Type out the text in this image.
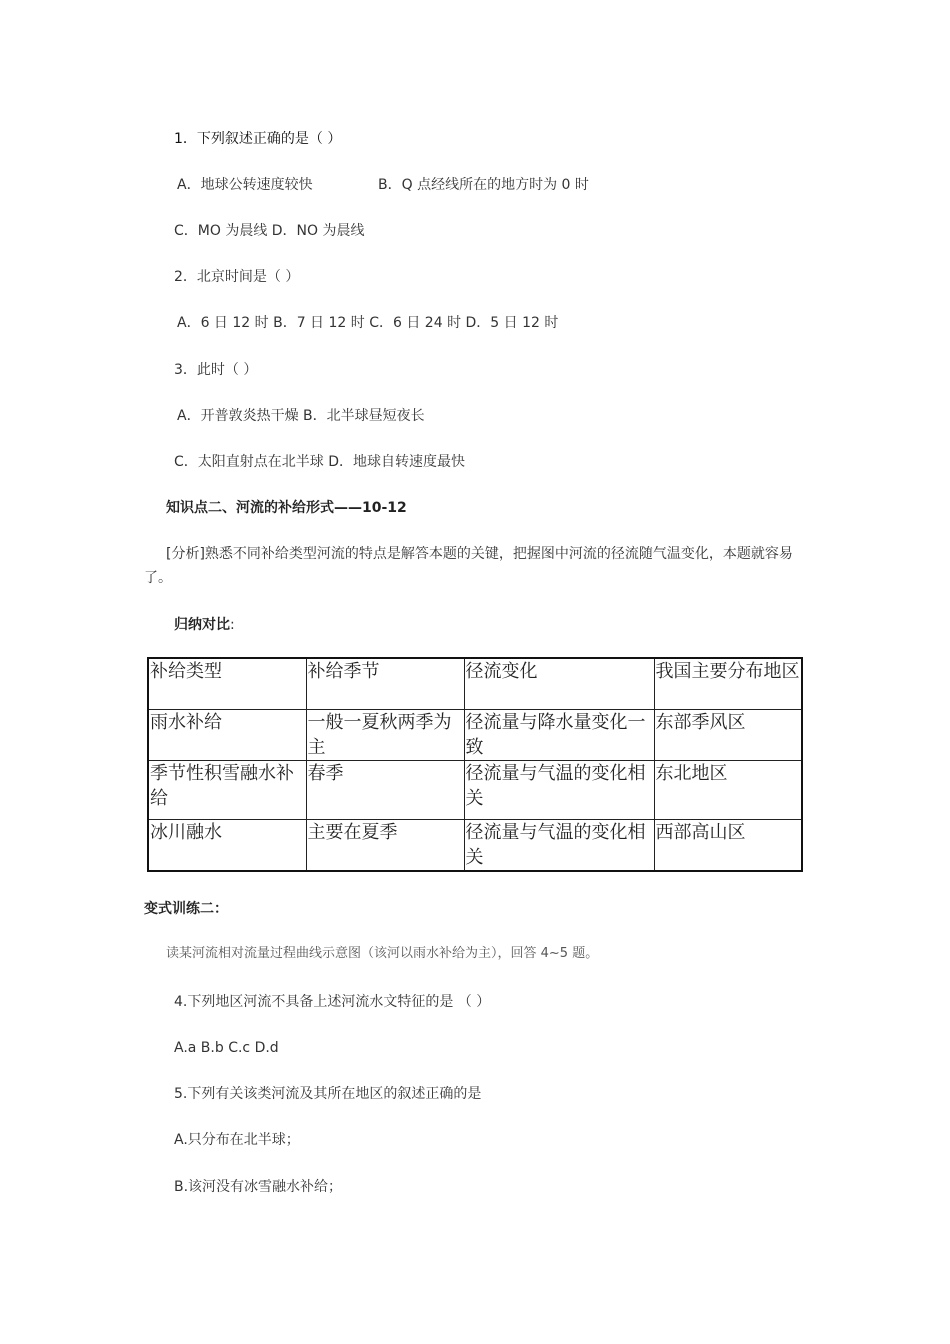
1．下列叙述正确的是（ ）
A．地球公转速度较快	B．Q 点经线所在的地方时为 0 时
C．MO 为晨线 D．NO 为晨线
2．北京时间是（ ）
A．6 日 12 时 B．7 日 12 时 C．6 日 24 时 D．5 日 12 时
3．此时（ ）
A．开普敦炎热干燥 B．北半球昼短夜长
C．太阳直射点在北半球 D．地球自转速度最快
知识点二、河流的补给形式——10-12
[分析]熟悉不同补给类型河流的特点是解答本题的关键，把握图中河流的径流随气温变化，本题就容易了。
归纳对比:
补给类型	补给季节	径流变化	我国主要分布地区
雨水补给	一般一夏秋两季为主	径流量与降水量变化一致	东部季风区
季节性积雪融水补给	春季	径流量与气温的变化相关	东北地区
冰川融水	主要在夏季	径流量与气温的变化相关	西部高山区
变式训练二：
读某河流相对流量过程曲线示意图（该河以雨水补给为主），回答 4~5 题。
4.下列地区河流不具备上述河流水文特征的是 （ ）
A.a B.b C.c D.d
5.下列有关该类河流及其所在地区的叙述正确的是
A.只分布在北半球；
B.该河没有冰雪融水补给；
